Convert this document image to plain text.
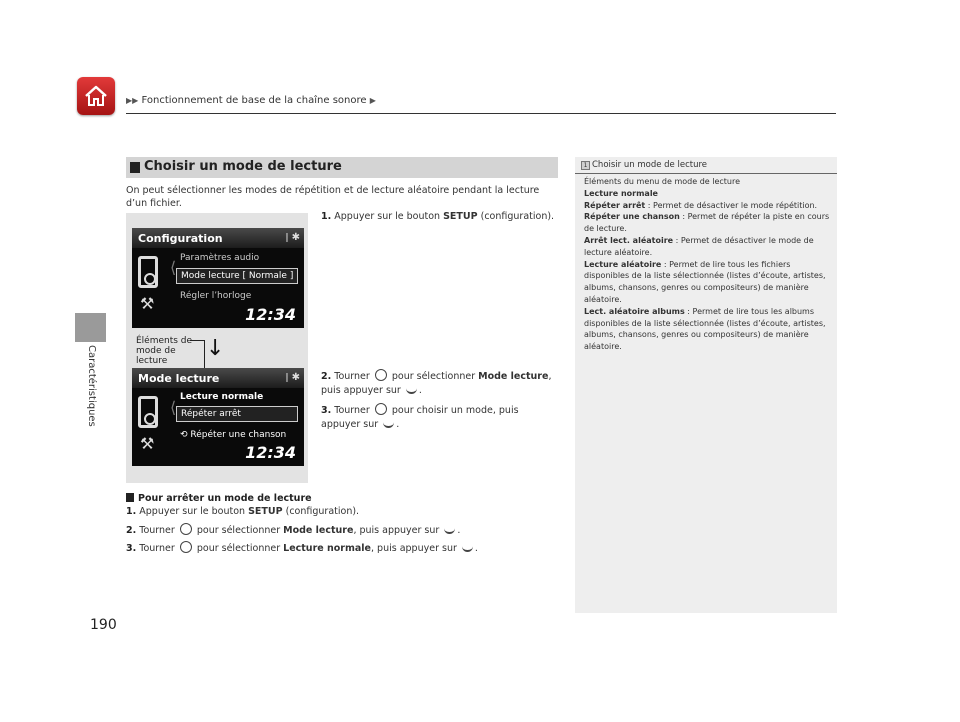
▶▶ Fonctionnement de base de la chaîne sonore ▶
Caractéristiques
190
Choisir un mode de lecture
On peut sélectionner les modes de répétition et de lecture aléatoire pendant la lecture d’un fichier.
Configuration	ǀ ✱
⚒
⟨ Paramètres audio
Mode lecture [ Normale ]
Régler l’horloge
12:34
↓
Éléments de mode de lecture
Mode lecture	ǀ ✱
⚒
⟨
Lecture normale
Répéter arrêt
⟲ Répéter une chanson
12:34
1. Appuyer sur le bouton SETUP (configuration).
2. Tourner  pour sélectionner Mode lecture, puis appuyer sur .
3. Tourner  pour choisir un mode, puis appuyer sur .
Pour arrêter un mode de lecture
1. Appuyer sur le bouton SETUP (configuration).
2. Tourner  pour sélectionner Mode lecture, puis appuyer sur .
3. Tourner  pour sélectionner Lecture normale, puis appuyer sur .
1 Choisir un mode de lecture
Éléments du menu de mode de lecture
Lecture normale
Répéter arrêt : Permet de désactiver le mode répétition.
Répéter une chanson : Permet de répéter la piste en cours de lecture.
Arrêt lect. aléatoire : Permet de désactiver le mode de lecture aléatoire.
Lecture aléatoire : Permet de lire tous les fichiers disponibles de la liste sélectionnée (listes d’écoute, artistes, albums, chansons, genres ou compositeurs) de manière aléatoire.
Lect. aléatoire albums : Permet de lire tous les albums disponibles de la liste sélectionnée (listes d’écoute, artistes, albums, chansons, genres ou compositeurs) de manière aléatoire.
